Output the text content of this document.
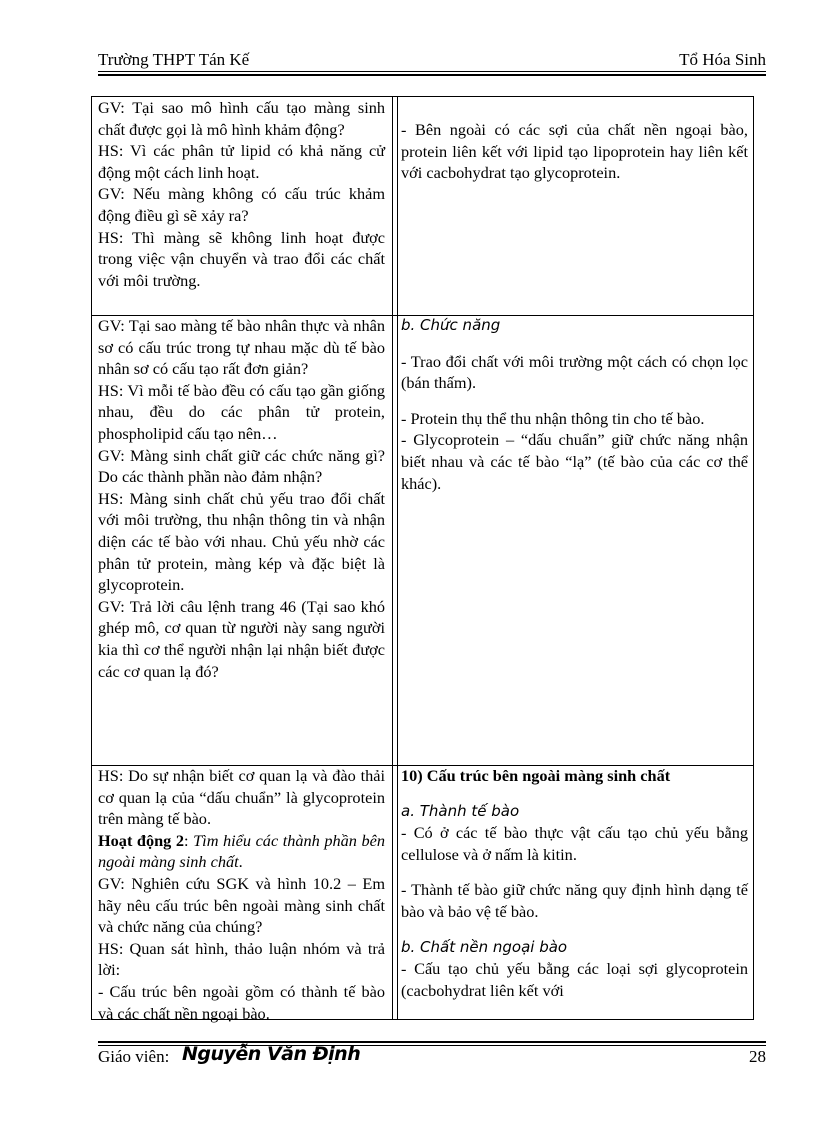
Trường THPT Tán Kế	Tổ Hóa Sinh

GV: Tại sao mô hình cấu tạo màng sinh chất được gọi là mô hình khảm động?

HS: Vì các phân tử lipid có khả năng cử động một cách linh hoạt.

GV: Nếu màng không có cấu trúc khảm động điều gì sẽ xảy ra?

HS: Thì màng sẽ không linh hoạt được trong việc vận chuyển và trao đổi các chất với môi trường.

- Bên ngoài có các sợi của chất nền ngoại bào, protein liên kết với lipid tạo lipoprotein hay liên kết với cacbohydrat tạo glycoprotein.

GV: Tại sao màng tế bào nhân thực và nhân sơ có cấu trúc trong tự nhau mặc dù tế bào nhân sơ có cấu tạo rất đơn giản?

HS: Vì mỗi tế bào đều có cấu tạo gần giống nhau, đều do các phân tử protein, phospholipid cấu tạo nên…

GV: Màng sinh chất giữ các chức năng gì? Do các thành phần nào đảm nhận?

HS: Màng sinh chất chủ yếu trao đổi chất với môi trường, thu nhận thông tin và nhận diện các tế bào với nhau. Chủ yếu nhờ các phân tử protein, màng kép và đặc biệt là glycoprotein.

GV: Trả lời câu lệnh trang 46 (Tại sao khó ghép mô, cơ quan từ người này sang người kia thì cơ thể người nhận lại nhận biết được các cơ quan lạ đó?

b. Chức năng

- Trao đổi chất với môi trường một cách có chọn lọc (bán thấm).

- Protein thụ thể thu nhận thông tin cho tế bào.

- Glycoprotein – “dấu chuẩn” giữ chức năng nhận biết nhau và các tế bào “lạ” (tế bào của các cơ thể khác).

HS: Do sự nhận biết cơ quan lạ và đào thải cơ quan lạ của “dấu chuẩn” là glycoprotein trên màng tế bào.

Hoạt động 2: Tìm hiểu các thành phần bên ngoài màng sinh chất.

GV: Nghiên cứu SGK và hình 10.2 – Em hãy nêu cấu trúc bên ngoài màng sinh chất và chức năng của chúng?

HS: Quan sát hình, thảo luận nhóm và trả lời:

- Cấu trúc bên ngoài gồm có thành tế bào và các chất nền ngoại bào.

10) Cấu trúc bên ngoài màng sinh chất

a. Thành tế bào

- Có ở các tế bào thực vật cấu tạo chủ yếu bằng cellulose và ở nấm là kitin.

- Thành tế bào giữ chức năng quy định hình dạng tế bào và bảo vệ tế bào.

b. Chất nền ngoại bào

- Cấu tạo chủ yếu bằng các loại sợi glycoprotein (cacbohydrat liên kết với

Giáo viên: Nguyễn Văn Định	28
